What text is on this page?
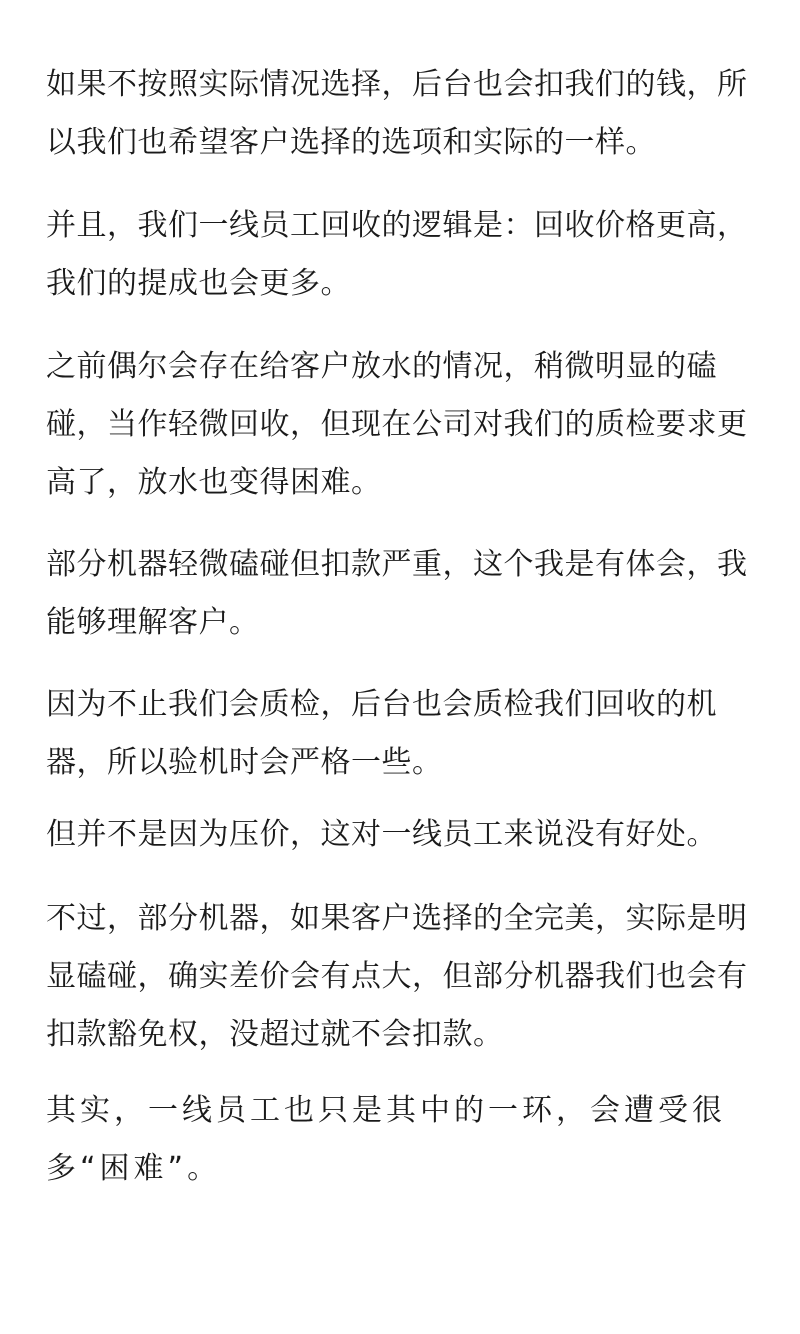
如果不按照实际情况选择，后台也会扣我们的钱，所以我们也希望客户选择的选项和实际的一样。

并且，我们一线员工回收的逻辑是：回收价格更高，我们的提成也会更多。

之前偶尔会存在给客户放水的情况，稍微明显的磕碰，当作轻微回收，但现在公司对我们的质检要求更高了，放水也变得困难。

部分机器轻微磕碰但扣款严重，这个我是有体会，我能够理解客户。

因为不止我们会质检，后台也会质检我们回收的机器，所以验机时会严格一些。

但并不是因为压价，这对一线员工来说没有好处。

不过，部分机器，如果客户选择的全完美，实际是明显磕碰，确实差价会有点大，但部分机器我们也会有扣款豁免权，没超过就不会扣款。

其实，一线员工也只是其中的一环，会遭受很多“困难”。
